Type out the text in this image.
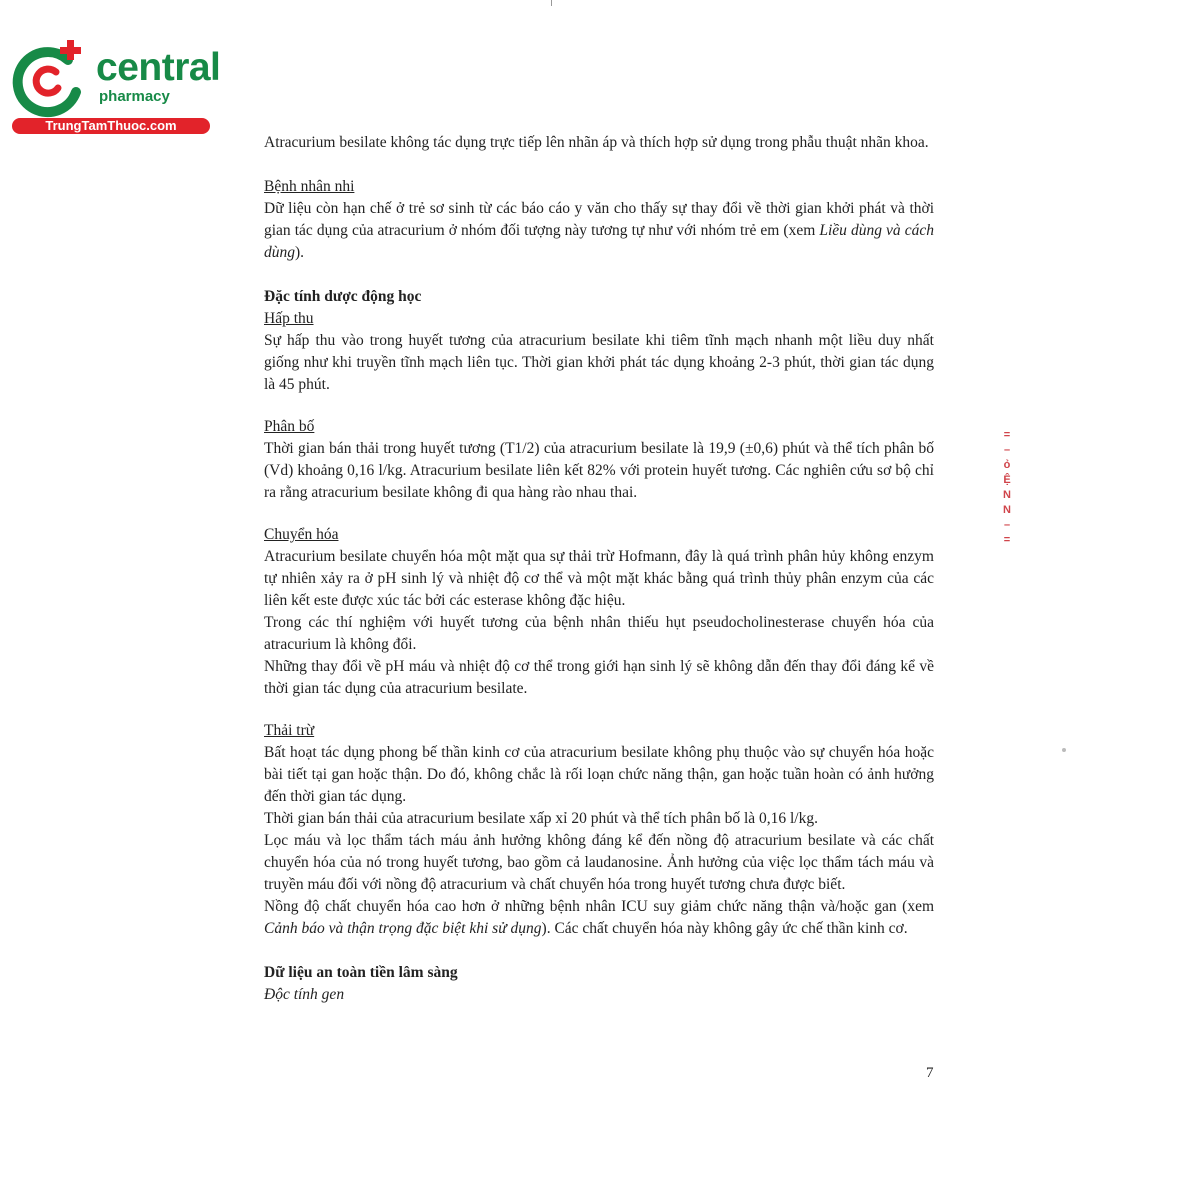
central
pharmacy
TrungTamThuoc.com

Atracurium besilate không tác dụng trực tiếp lên nhãn áp và thích hợp sử dụng trong phẫu thuật nhãn khoa.

Bệnh nhân nhi

Dữ liệu còn hạn chế ở trẻ sơ sinh từ các báo cáo y văn cho thấy sự thay đổi về thời gian khởi phát và thời gian tác dụng của atracurium ở nhóm đối tượng này tương tự như với nhóm trẻ em (xem Liều dùng và cách dùng).

Đặc tính dược động học

Hấp thu

Sự hấp thu vào trong huyết tương của atracurium besilate khi tiêm tĩnh mạch nhanh một liều duy nhất giống như khi truyền tĩnh mạch liên tục. Thời gian khởi phát tác dụng khoảng 2-3 phút, thời gian tác dụng là 45 phút.

Phân bố

Thời gian bán thải trong huyết tương (T1/2) của atracurium besilate là 19,9 (±0,6) phút và thể tích phân bố (Vd) khoảng 0,16 l/kg. Atracurium besilate liên kết 82% với protein huyết tương. Các nghiên cứu sơ bộ chỉ ra rằng atracurium besilate không đi qua hàng rào nhau thai.

Chuyển hóa

Atracurium besilate chuyển hóa một mặt qua sự thải trừ Hofmann, đây là quá trình phân hủy không enzym tự nhiên xảy ra ở pH sinh lý và nhiệt độ cơ thể và một mặt khác bằng quá trình thủy phân enzym của các liên kết este được xúc tác bởi các esterase không đặc hiệu.

Trong các thí nghiệm với huyết tương của bệnh nhân thiếu hụt pseudocholinesterase chuyển hóa của atracurium là không đổi.

Những thay đổi về pH máu và nhiệt độ cơ thể trong giới hạn sinh lý sẽ không dẫn đến thay đổi đáng kể về thời gian tác dụng của atracurium besilate.

Thải trừ

Bất hoạt tác dụng phong bế thần kinh cơ của atracurium besilate không phụ thuộc vào sự chuyển hóa hoặc bài tiết tại gan hoặc thận. Do đó, không chắc là rối loạn chức năng thận, gan hoặc tuần hoàn có ảnh hưởng đến thời gian tác dụng.

Thời gian bán thải của atracurium besilate xấp xỉ 20 phút và thể tích phân bố là 0,16 l/kg.

Lọc máu và lọc thẩm tách máu ảnh hưởng không đáng kể đến nồng độ atracurium besilate và các chất chuyển hóa của nó trong huyết tương, bao gồm cả laudanosine. Ảnh hưởng của việc lọc thẩm tách máu và truyền máu đối với nồng độ atracurium và chất chuyển hóa trong huyết tương chưa được biết.

Nồng độ chất chuyển hóa cao hơn ở những bệnh nhân ICU suy giảm chức năng thận và/hoặc gan (xem Cảnh báo và thận trọng đặc biệt khi sử dụng). Các chất chuyển hóa này không gây ức chế thần kinh cơ.

Dữ liệu an toàn tiền lâm sàng

Độc tính gen

=
–
ỏ
Ệ
N
N
–
=
7
